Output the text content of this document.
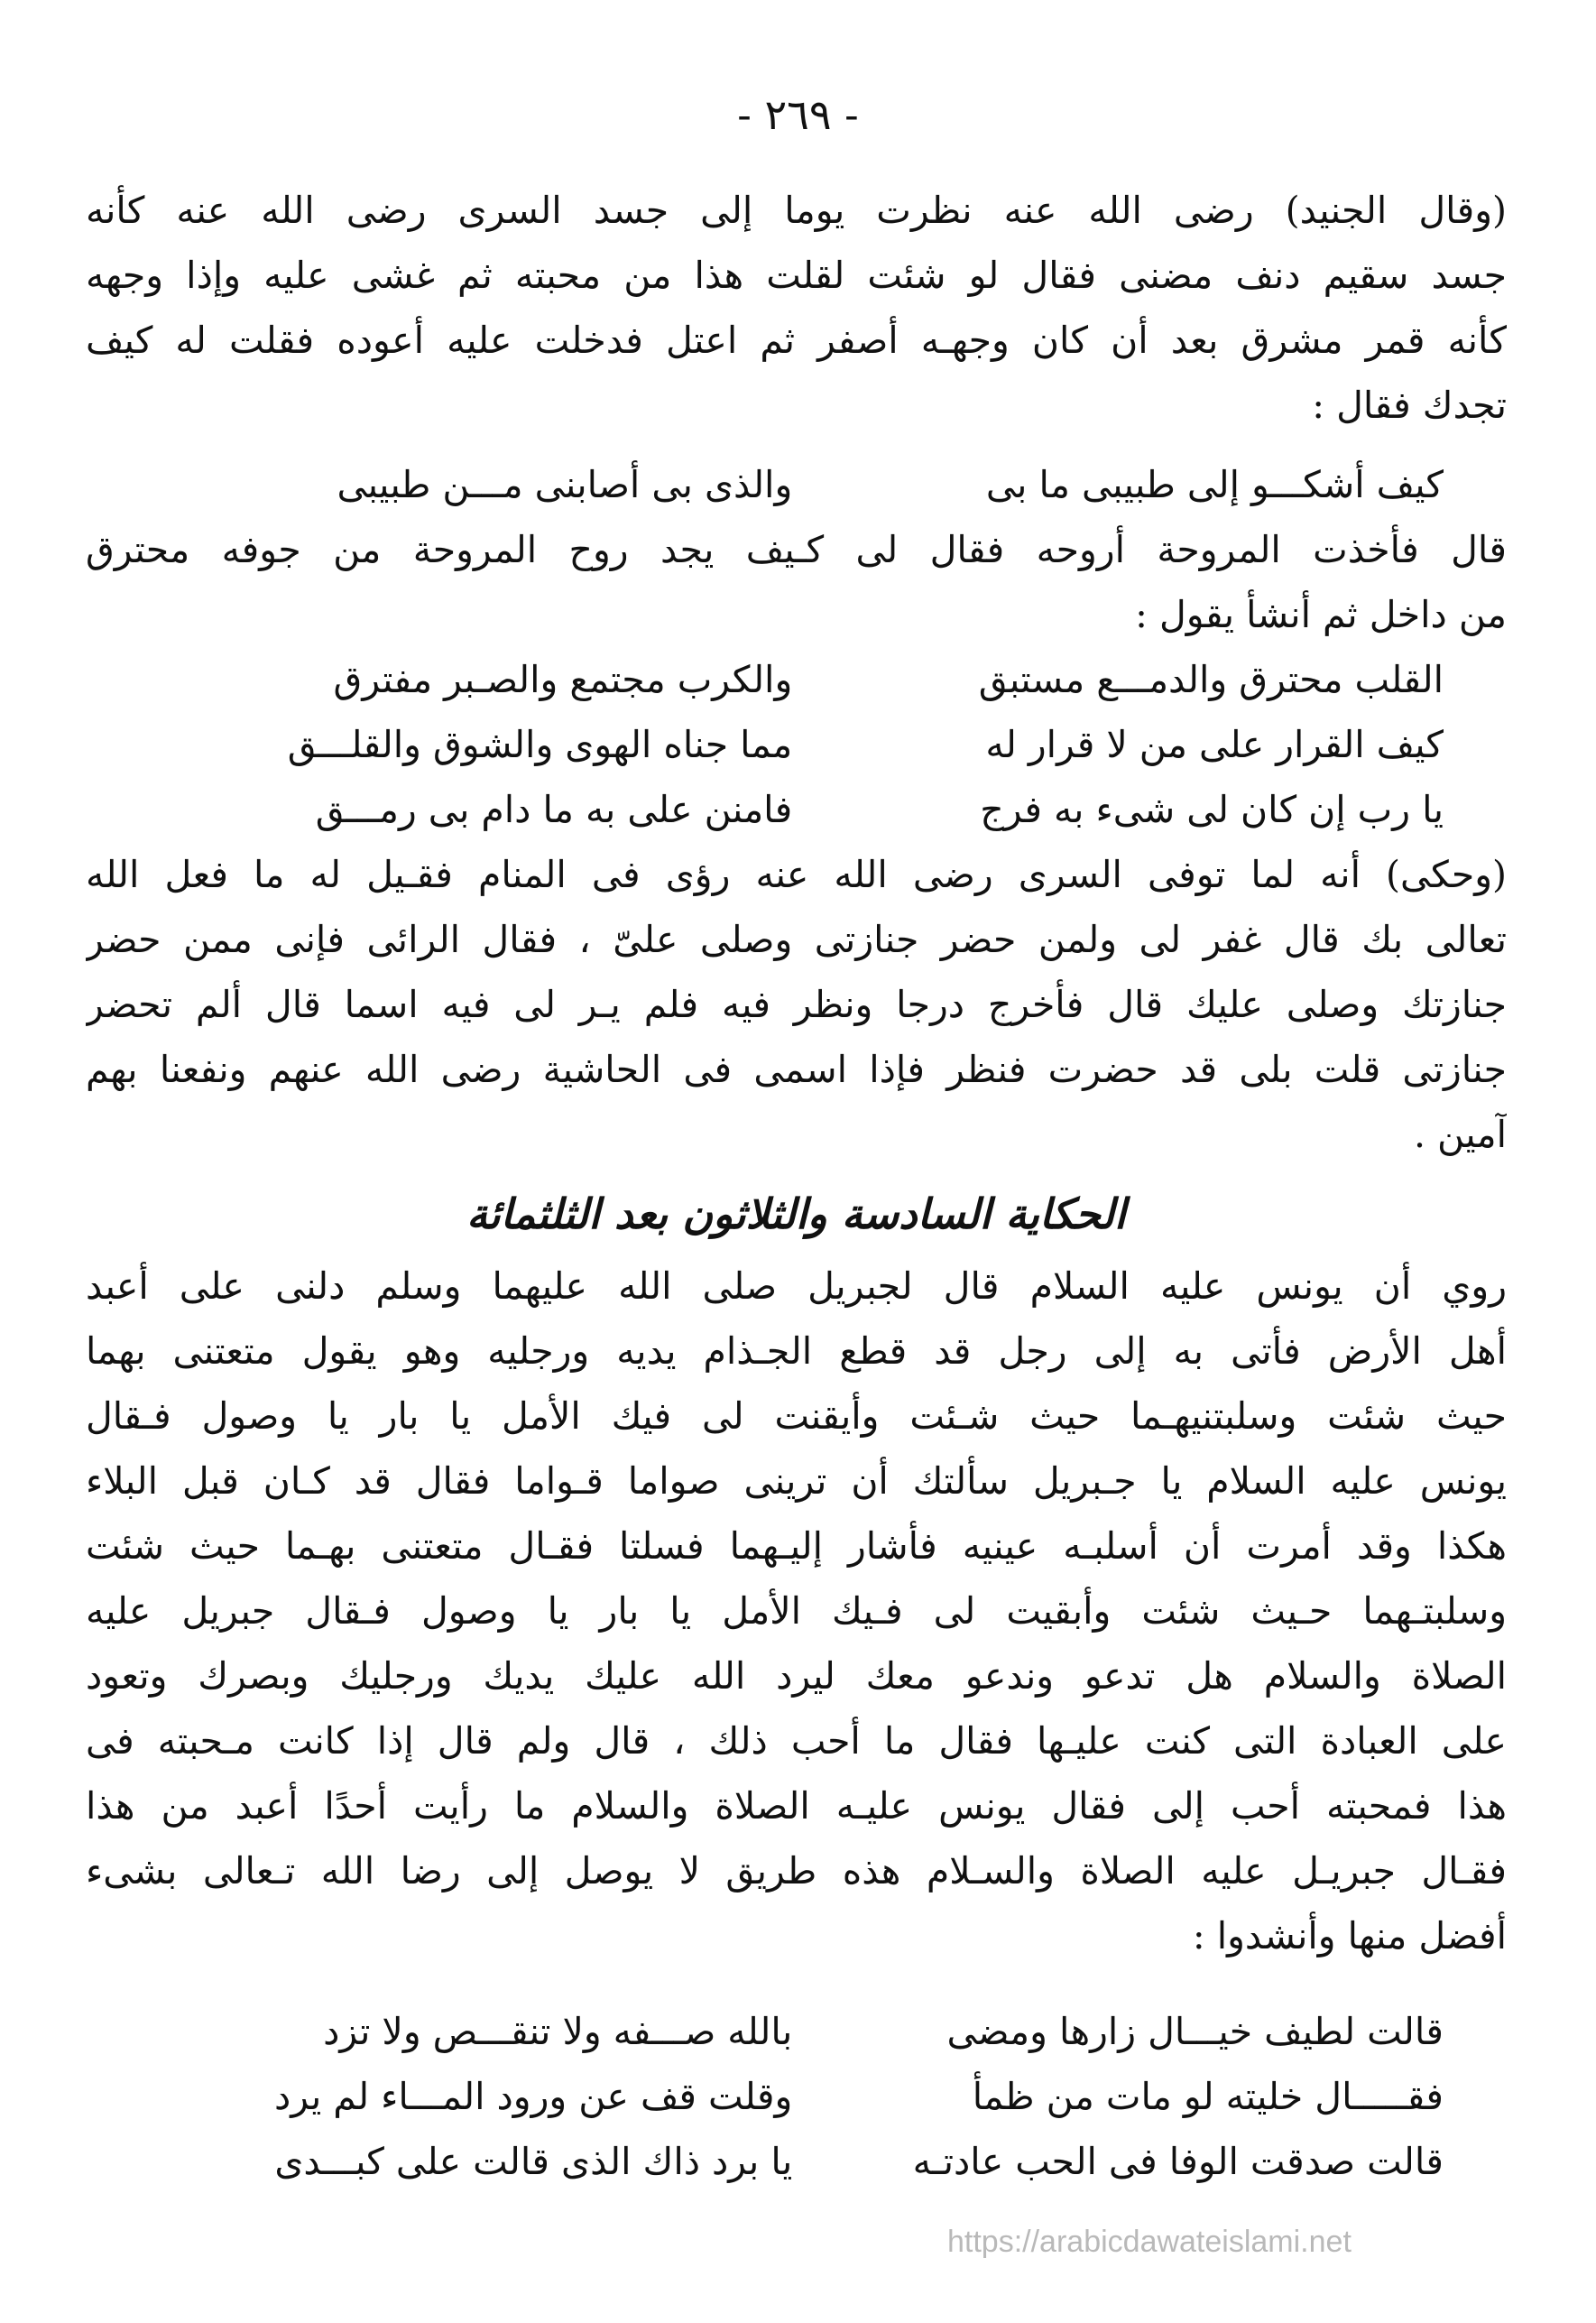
- ٢٦٩ -
(وقال الجنيد) رضى الله عنه نظرت يوما إلى جسد السرى رضى الله عنه كأنه
جسد سقيم دنف مضنى فقال لو شئت لقلت هذا من محبته ثم غشى عليه وإذا وجهه
كأنه قمر مشرق بعد أن كان وجهـه أصفر ثم اعتل فدخلت عليه أعوده فقلت له كيف
تجدك فقال :
كيف أشكـــو إلى طبيبى ما بى
والذى بى أصابنى مـــن طبيبى
قال فأخذت المروحة أروحه فقال لى كـيف يجد روح المروحة من جوفه محترق
من داخل ثم أنشأ يقول :
القلب محترق والدمـــع مستبق
والكرب مجتمع والصـبر مفترق
كيف القرار على من لا قرار له
مما جناه الهوى والشوق والقلـــق
يا رب إن كان لى شىء به فرج
فامنن على به ما دام بى رمـــق
(وحكى) أنه لما توفى السرى رضى الله عنه رؤى فى المنام فقـيل له ما فعل الله
تعالى بك قال غفر لى ولمن حضر جنازتى وصلى علىّ ، فقال الرائى فإنى ممن حضر
جنازتك وصلى عليك قال فأخرج درجا ونظر فيه فلم يـر لى فيه اسما قال ألم تحضر
جنازتى قلت بلى قد حضرت فنظر فإذا اسمى فى الحاشية رضى الله عنهم ونفعنا بهم
آمين .
الحكاية السادسة والثلاثون بعد الثلثمائة
روي أن يونس عليه السلام قال لجبريل صلى الله عليهما وسلم دلنى على أعبد
أهل الأرض فأتى به إلى رجل قد قطع الجـذام يديه ورجليه وهو يقول متعتنى بهما
حيث شئت وسلبتنيهـما حيث شـئت وأيقنت لى فيك الأمل يا بار يا وصول فـقال
يونس عليه السلام يا جـبريل سألتك أن ترينى صواما قـواما فقال قد كـان قبل البلاء
هكذا وقد أمرت أن أسلبـه عينيه فأشار إليـهما فسلتا فقـال متعتنى بهـما حيث شئت
وسلبتـهما حـيث شئت وأبقيت لى فـيك الأمل يا بار يا وصول فـقال جبريل عليه
الصلاة والسلام هل تدعو وندعو معك ليرد الله عليك يديك ورجليك وبصرك وتعود
على العبادة التى كنت عليـها فقال ما أحب ذلك ، قال ولم قال إذا كانت مـحبته فى
هذا فمحبته أحب إلى فقال يونس عليـه الصلاة والسلام ما رأيت أحدًا أعبد من هذا
فقـال جبريـل عليه الصلاة والسـلام هذه طريق لا يوصل إلى رضا الله تـعالى بشىء
أفضل منها وأنشدوا :
قالت لطيف خيـــال زارها ومضى
بالله صـــفه ولا تنقـــص ولا تزد
فقـــــال خليته لو مات من ظمأ
وقلت قف عن ورود المـــاء لم يرد
قالت صدقت الوفا فى الحب عادتـه
يا برد ذاك الذى قالت على كبـــدى
https://arabicdawateislami.net
